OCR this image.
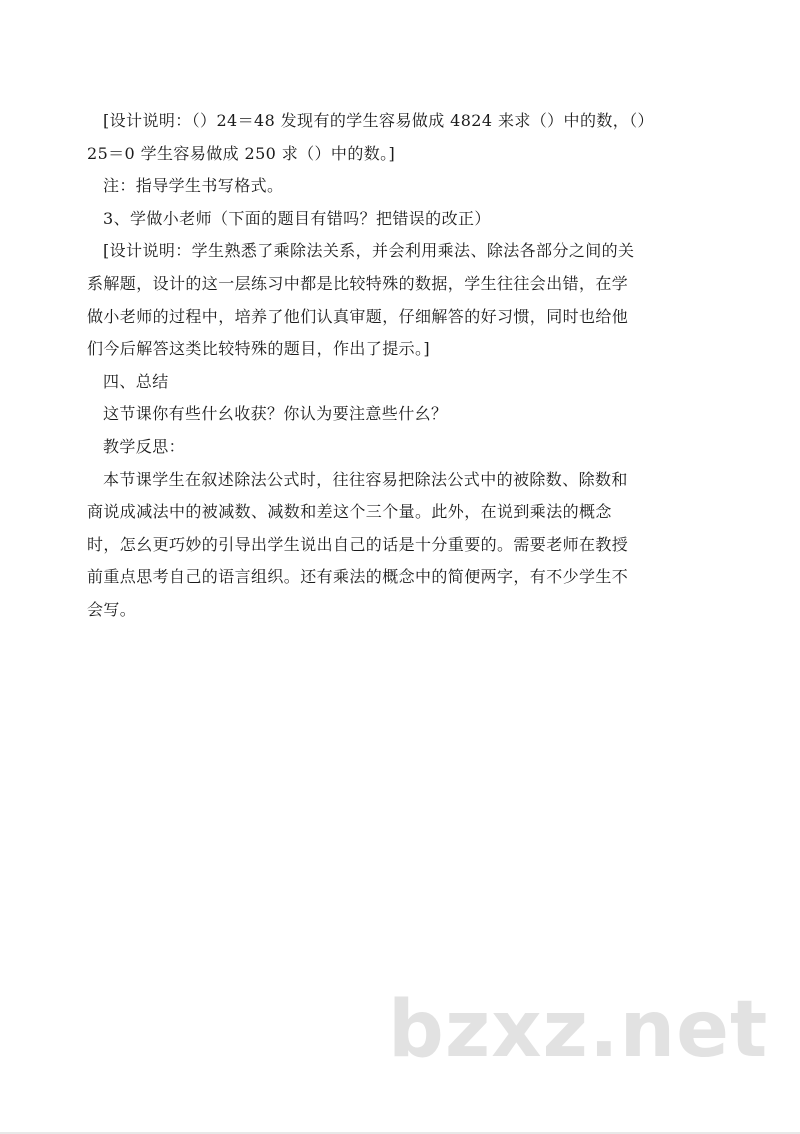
[设计说明：（）24＝48 发现有的学生容易做成 4824 来求（）中的数，（）
25＝0 学生容易做成 250 求（）中的数。]

注：指导学生书写格式。

3、学做小老师（下面的题目有错吗？把错误的改正）

[设计说明：学生熟悉了乘除法关系，并会利用乘法、除法各部分之间的关
系解题，设计的这一层练习中都是比较特殊的数据，学生往往会出错，在学
做小老师的过程中，培养了他们认真审题，仔细解答的好习惯，同时也给他
们今后解答这类比较特殊的题目，作出了提示。]

四、总结

这节课你有些什幺收获？你认为要注意些什幺？

教学反思：

本节课学生在叙述除法公式时，往往容易把除法公式中的被除数、除数和
商说成减法中的被减数、减数和差这个三个量。此外，在说到乘法的概念
时，怎幺更巧妙的引导出学生说出自己的话是十分重要的。需要老师在教授
前重点思考自己的语言组织。还有乘法的概念中的简便两字，有不少学生不
会写。

bzxz.net
